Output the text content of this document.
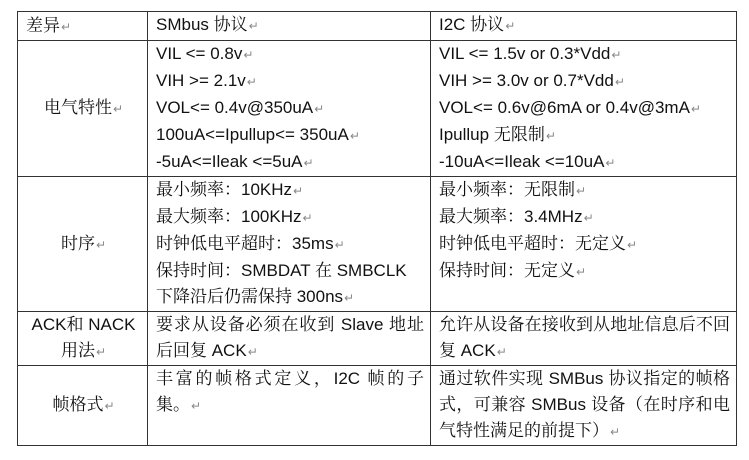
差异↵	SMbus 协议↵	I2C 协议↵
电气特性↵	VIL <= 0.8v↵
VIH >= 2.1v↵
VOL<= 0.4v@350uA↵
100uA<=Ipullup<= 350uA↵
-5uA<=Ileak <=5uA↵	VIL <= 1.5v or 0.3*Vdd↵
VIH >= 3.0v or 0.7*Vdd↵
VOL<= 0.6v@6mA or 0.4v@3mA↵
Ipullup 无限制↵
-10uA<=Ileak <=10uA↵

时序↵	最小频率：10KHz↵
最大频率：100KHz↵
时钟低电平超时：35ms↵
保持时间：SMBDAT 在 SMBCLK
下降沿后仍需保持 300ns↵	最小频率：无限制↵
最大频率：3.4MHz↵
时钟低电平超时：无定义↵
保持时间：无定义↵

ACK和 NACK 用法↵	要求从设备必须在收到 Slave 地址后回复 ACK↵	允许从设备在接收到从地址信息后不回复 ACK↵

帧格式↵	丰富的帧格式定义，I2C 帧的子集。↵	通过软件实现 SMBus 协议指定的帧格式，可兼容 SMBus 设备（在时序和电气特性满足的前提下）↵
